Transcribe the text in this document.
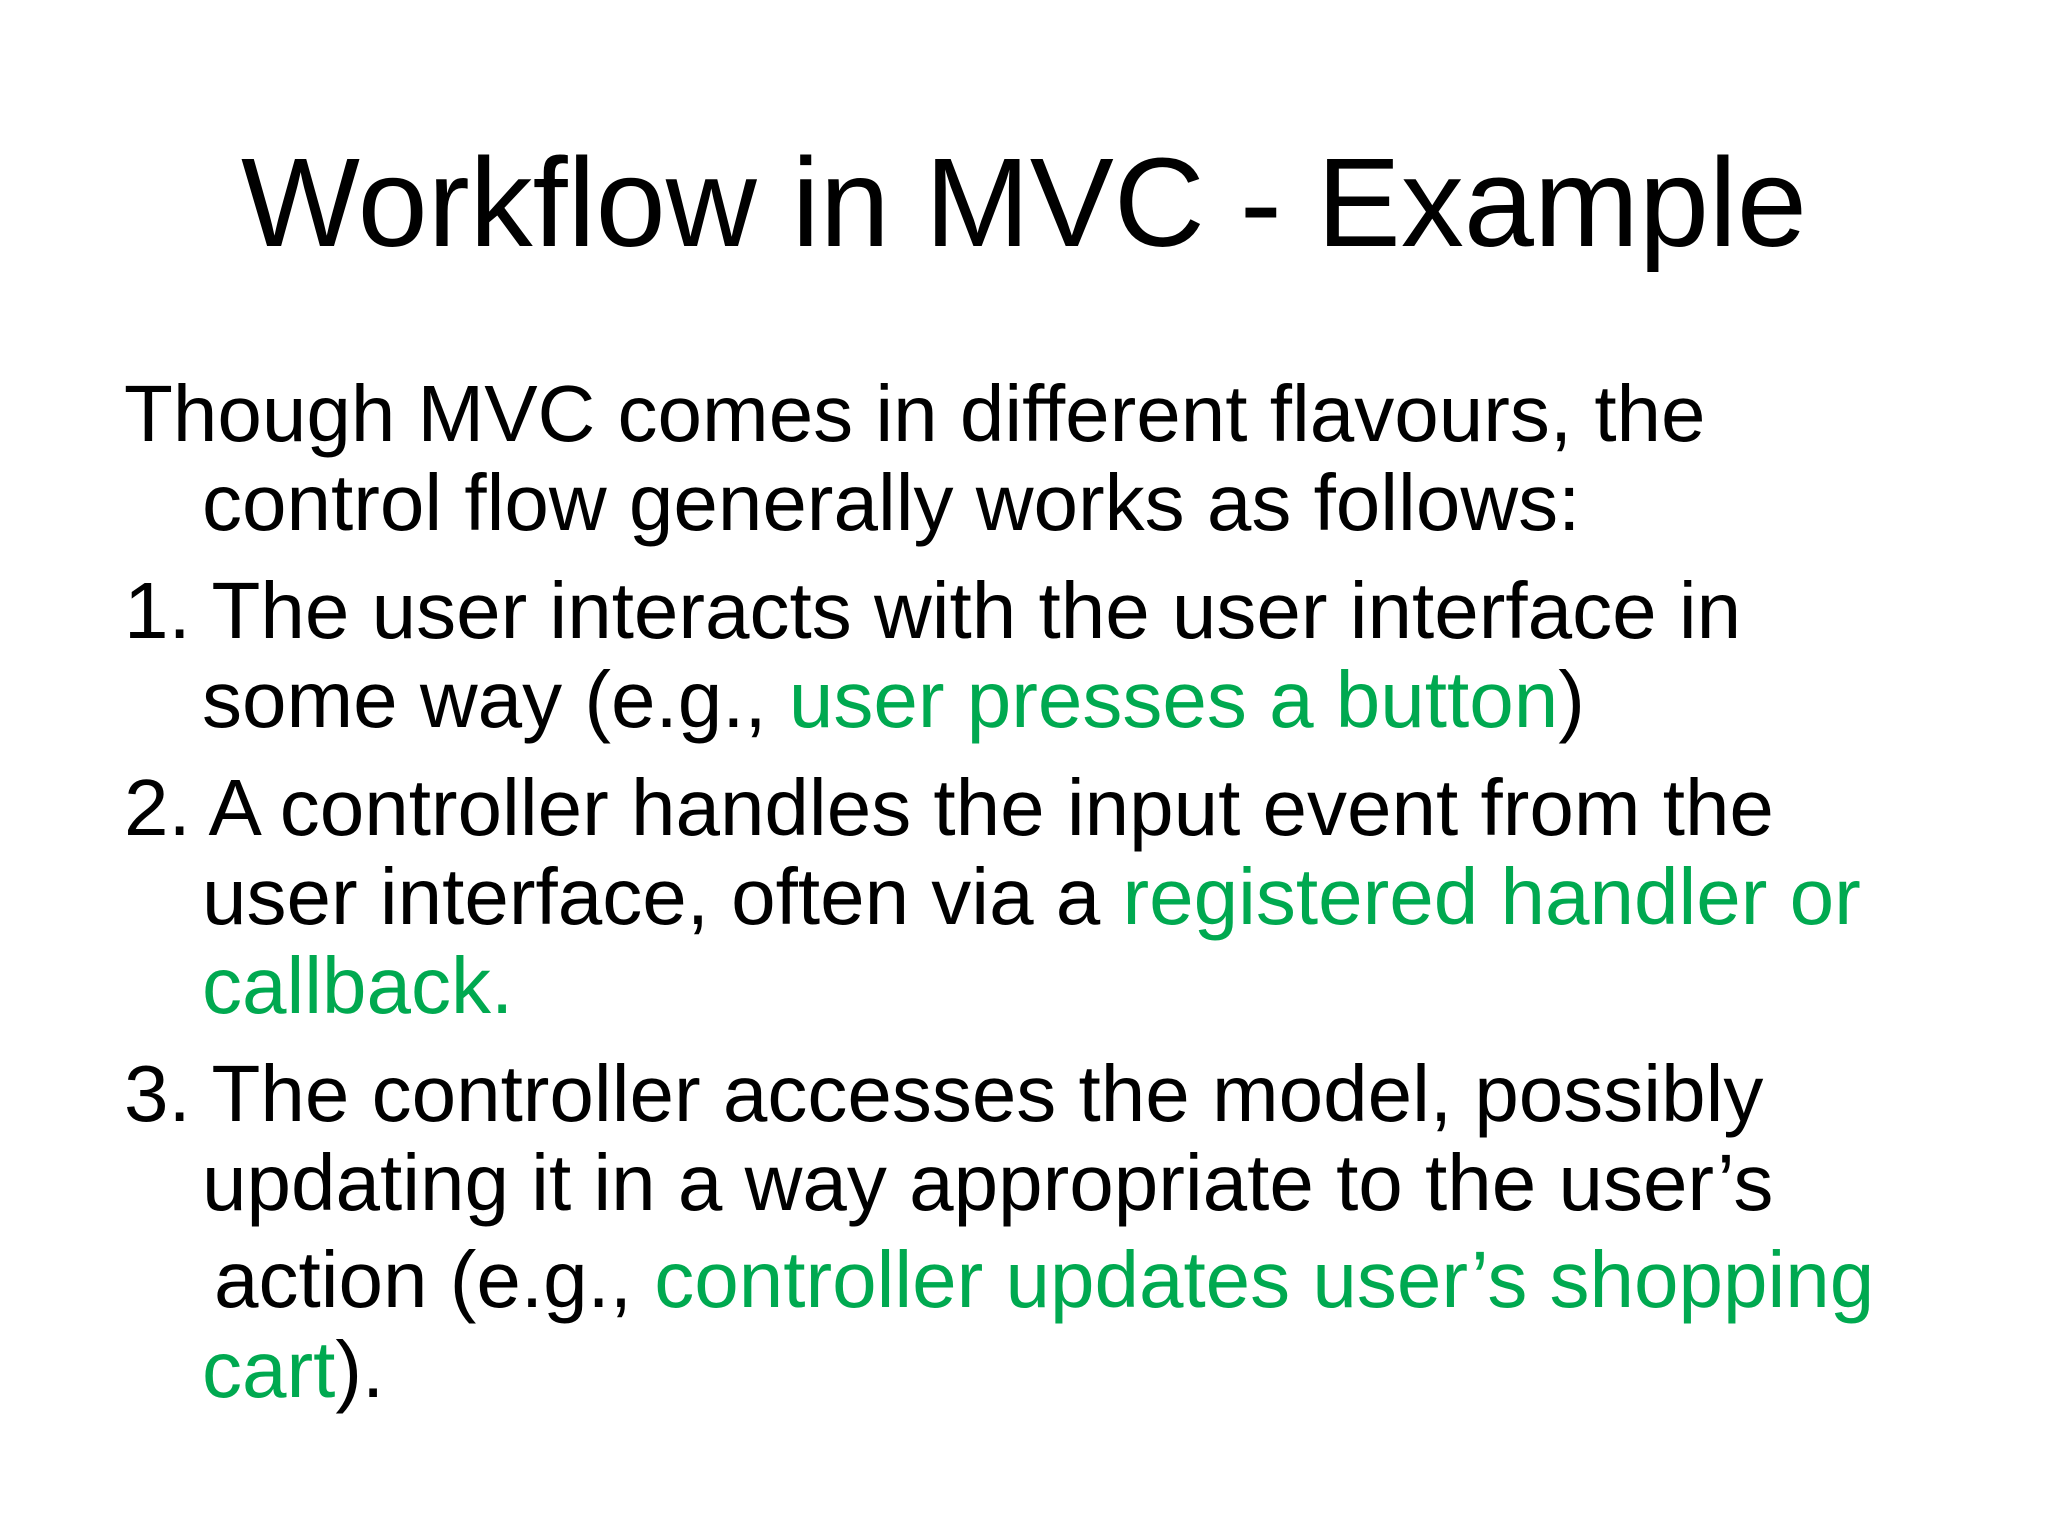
Workflow in MVC - Example
Though MVC comes in different flavours, the
control flow generally works as follows:
1. The user interacts with the user interface in
some way (e.g., user presses a button)
2. A controller handles the input event from the
user interface, often via a registered handler or
callback.
3. The controller accesses the model, possibly
updating it in a way appropriate to the user’s
action (e.g., controller updates user’s shopping
cart).
